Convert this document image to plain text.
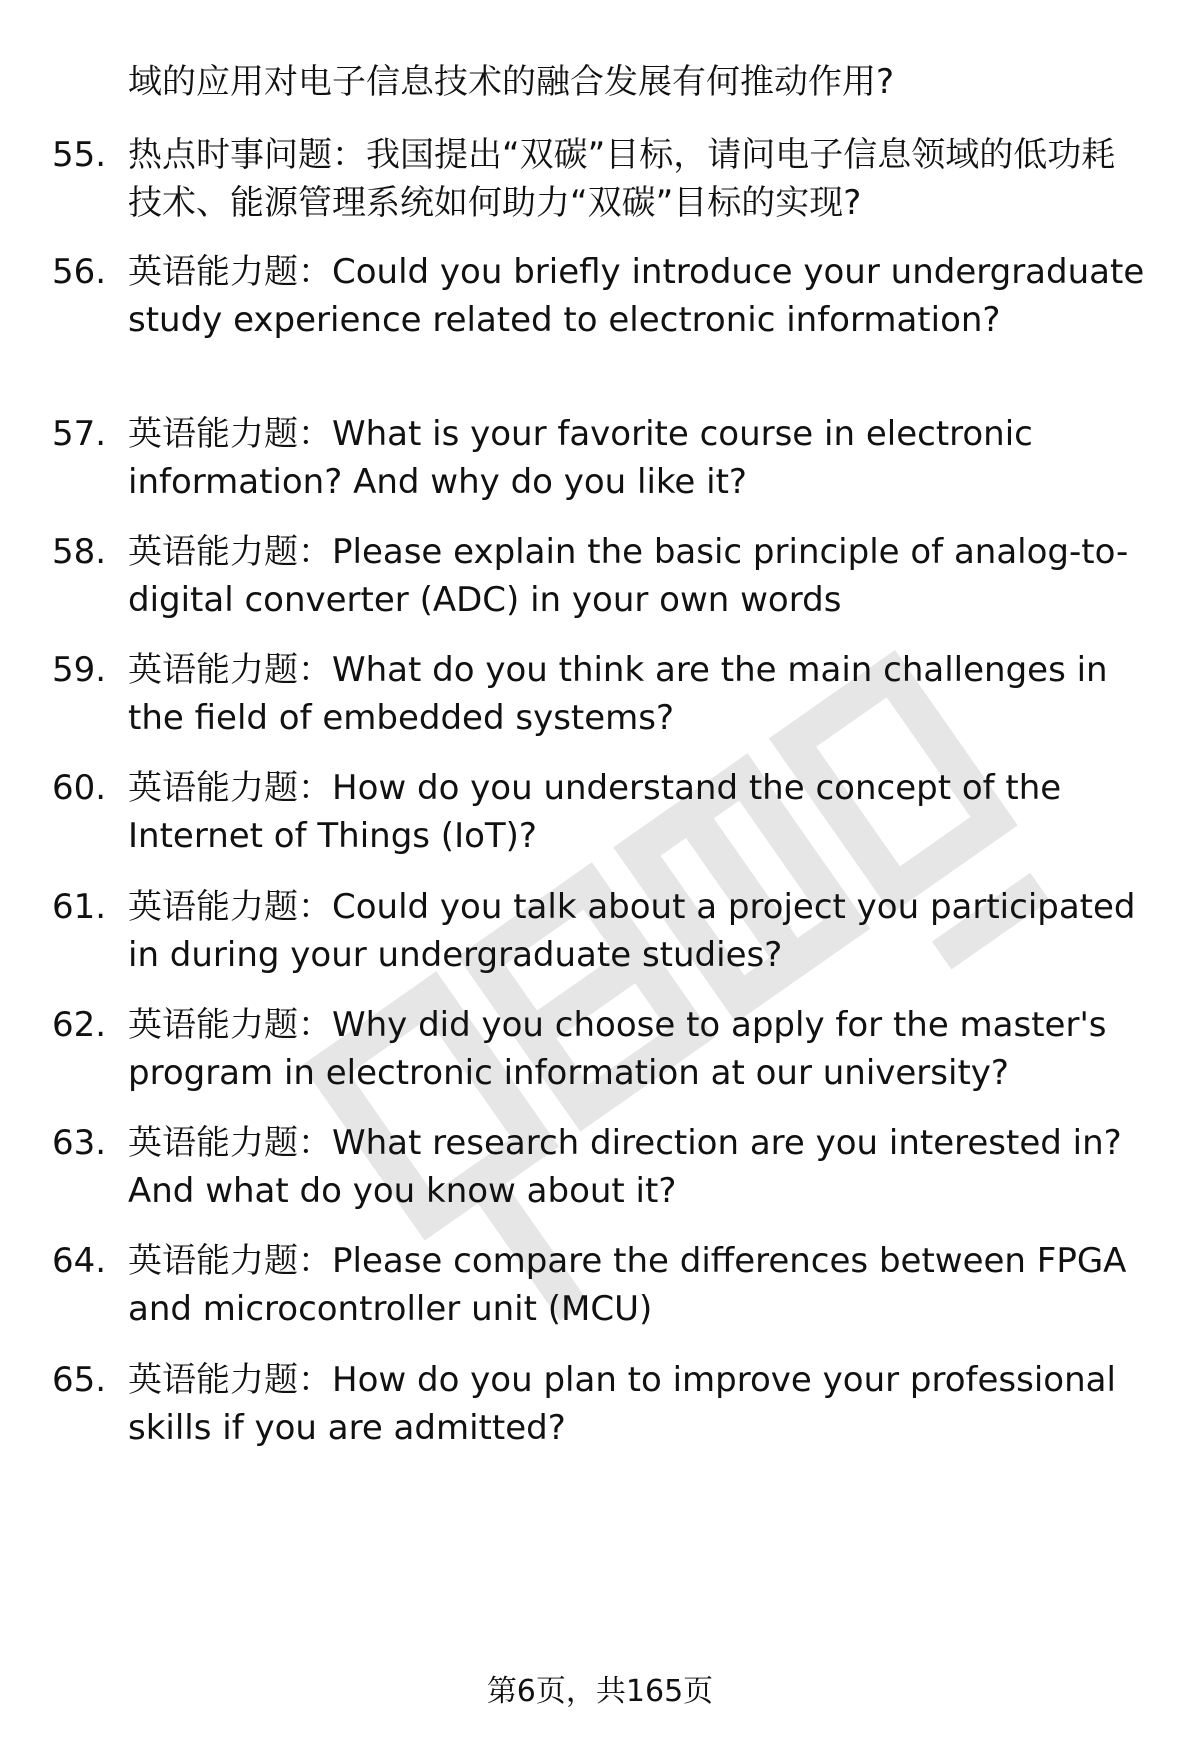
域的应用对电子信息技术的融合发展有何推动作用?
55. 热点时事问题：我国提出“双碳”目标，请问电子信息领域的低功耗技术、能源管理系统如何助力“双碳”目标的实现?
56. 英语能力题：Could you briefly introduce your undergraduate study experience related to electronic information?
57. 英语能力题：What is your favorite course in electronic information? And why do you like it?
58. 英语能力题：Please explain the basic principle of analog-to-digital converter (ADC) in your own words
59. 英语能力题：What do you think are the main challenges in the field of embedded systems?
60. 英语能力题：How do you understand the concept of the Internet of Things (IoT)?
61. 英语能力题：Could you talk about a project you participated in during your undergraduate studies?
62. 英语能力题：Why did you choose to apply for the master's program in electronic information at our university?
63. 英语能力题：What research direction are you interested in? And what do you know about it?
64. 英语能力题：Please compare the differences between FPGA and microcontroller unit (MCU)
65. 英语能力题：How do you plan to improve your professional skills if you are admitted?
第6页，共165页
